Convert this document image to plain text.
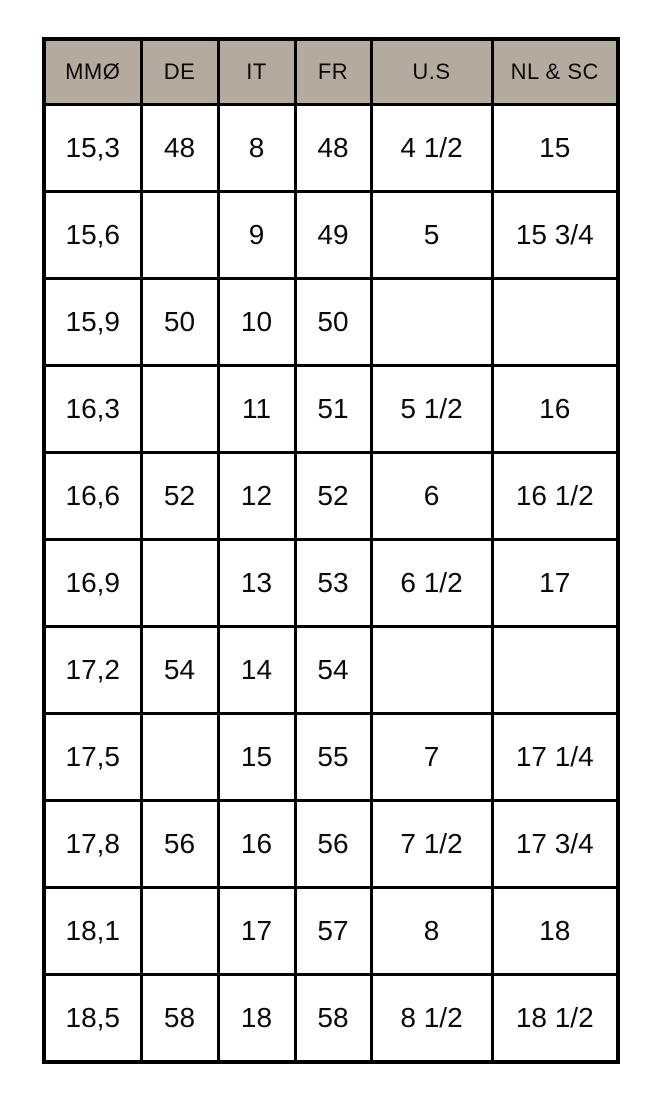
MMØ	DE	IT	FR	U.S	NL & SC
15,3	48	8	48	4 1/2	15
15,6		9	49	5	15 3/4
15,9	50	10	50		
16,3		11	51	5 1/2	16
16,6	52	12	52	6	16 1/2
16,9		13	53	6 1/2	17
17,2	54	14	54		
17,5		15	55	7	17 1/4
17,8	56	16	56	7 1/2	17 3/4
18,1		17	57	8	18
18,5	58	18	58	8 1/2	18 1/2
